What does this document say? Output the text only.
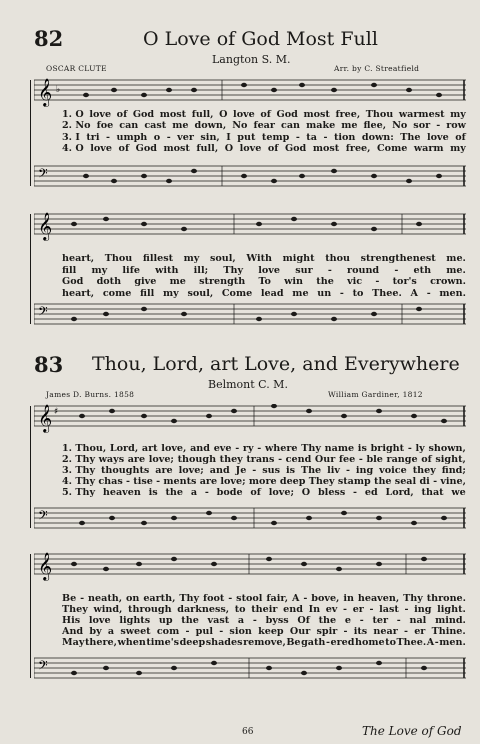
82	O Love of God Most Full
Langton S. M.
OSCAR CLUTE	Arr. by C. Streatfield
𝄞 ♭
1. O love of God most full, O love of God most free, Thou warmest my
2. No foe can cast me down, No fear can make me flee, No sor - row
3. I tri - umph o - ver sin, I put temp - ta - tion down: The love of
4. O love of God most full, O love of God most free, Come warm my
𝄢
𝄞
heart, Thou fillest my soul, With might thou strengthenest me.
fill my life with ill; Thy love sur - round - eth me.
God doth give me strength To win the vic - tor's crown.
heart, come fill my soul, Come lead me un - to Thee. A - men.
𝄢
83 Thou, Lord, art Love, and Everywhere
Belmont C. M.
James D. Burns. 1858	William Gardiner, 1812
𝄞 ♯
1. Thou, Lord, art love, and eve - ry - where Thy name is bright - ly shown,
2. Thy ways are love; though they trans - cend Our fee - ble range of sight,
3. Thy thoughts are love; and Je - sus is The liv - ing voice they find;
4. Thy chas - tise - ments are love; more deep They stamp the seal di - vine,
5. Thy heaven is the a - bode of love; O bless - ed Lord, that we
𝄢
𝄞
Be - neath, on earth, Thy foot - stool fair, A - bove, in heaven, Thy throne.
They wind, through darkness, to their end In ev - er - last - ing light.
His love lights up the vast a - byss Of the e - ter - nal mind.
And by a sweet com - pul - sion keep Our spir - its near - er Thine.
May there, when time's deep shades remove, Be gath - ered home to Thee. A - men.
𝄢
66	The Love of God
